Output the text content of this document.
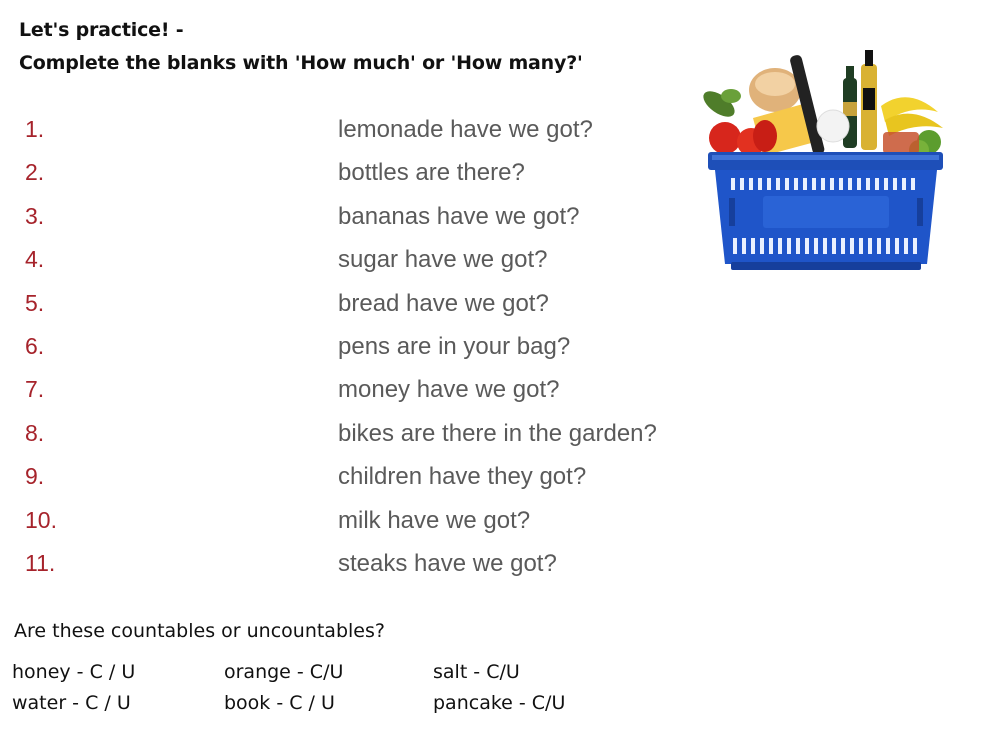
Let's practice! -
Complete the blanks with 'How much' or 'How many?'
1.	lemonade have we got?
2.	bottles are there?
3.	bananas have we got?
4.	sugar have we got?
5.	bread have we got?
6.	pens are in your bag?
7.	money have we got?
8.	bikes are there in the garden?
9.	children have they got?
10.	milk have we got?
11.	steaks have we got?
Are these countables or uncountables?
honey - C / U	orange - C/U	salt - C/U
water - C / U	book - C / U	pancake - C/U
